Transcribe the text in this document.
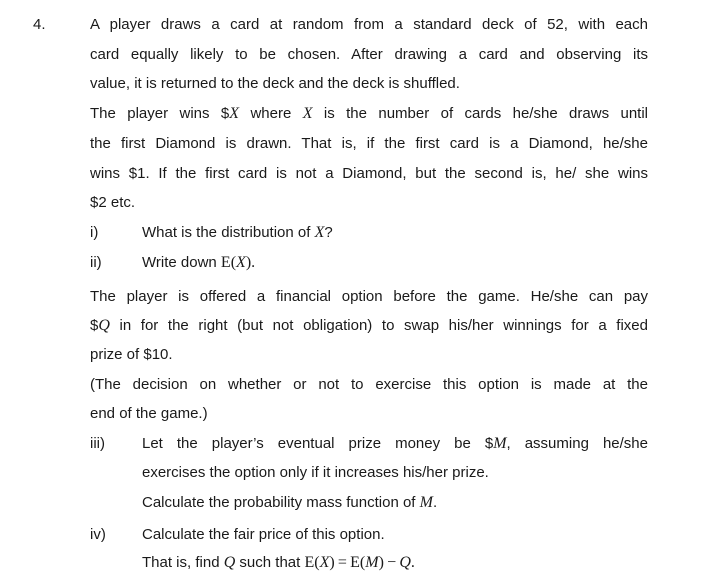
4.	A player draws a card at random from a standard deck of 52, with each
card equally likely to be chosen. After drawing a card and observing its
value, it is returned to the deck and the deck is shuffled.
The player wins $X where X is the number of cards he/she draws until
the first Diamond is drawn. That is, if the first card is a Diamond, he/she
wins $1. If the first card is not a Diamond, but the second is, he/ she wins
$2 etc.
i)	What is the distribution of X?
ii)	Write down E(X).
The player is offered a financial option before the game. He/she can pay
$Q in for the right (but not obligation) to swap his/her winnings for a fixed
prize of $10.
(The decision on whether or not to exercise this option is made at the
end of the game.)
iii) Let the player’s eventual prize money be $M, assuming he/she
exercises the option only if it increases his/her prize.
Calculate the probability mass function of M.
iv) Calculate the fair price of this option.
That is, find Q such that E(X) = E(M) − Q.
